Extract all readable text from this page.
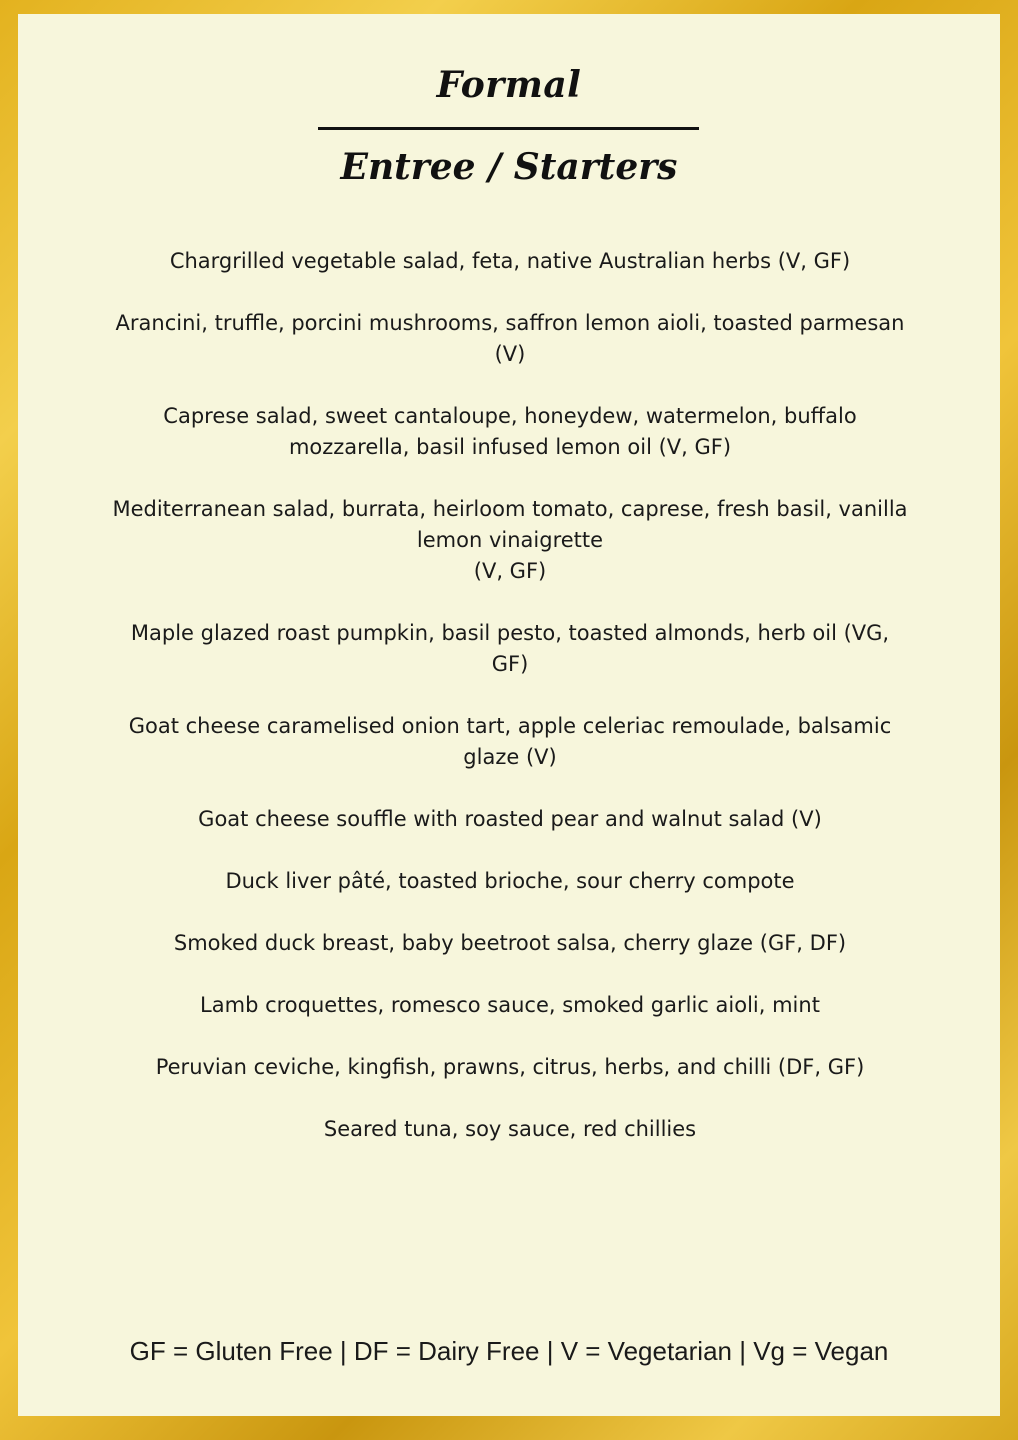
Formal
Entree / Starters
Chargrilled vegetable salad, feta, native Australian herbs (V, GF)
Arancini, truffle, porcini mushrooms, saffron lemon aioli, toasted parmesan
(V)
Caprese salad, sweet cantaloupe, honeydew, watermelon, buffalo
mozzarella, basil infused lemon oil (V, GF)
Mediterranean salad, burrata, heirloom tomato, caprese, fresh basil, vanilla
lemon vinaigrette
(V, GF)
Maple glazed roast pumpkin, basil pesto, toasted almonds, herb oil (VG,
GF)
Goat cheese caramelised onion tart, apple celeriac remoulade, balsamic
glaze (V)
Goat cheese souffle with roasted pear and walnut salad (V)
Duck liver pâté, toasted brioche, sour cherry compote
Smoked duck breast, baby beetroot salsa, cherry glaze (GF, DF)
Lamb croquettes, romesco sauce, smoked garlic aioli, mint
Peruvian ceviche, kingfish, prawns, citrus, herbs, and chilli (DF, GF)
Seared tuna, soy sauce, red chillies
GF = Gluten Free | DF = Dairy Free | V = Vegetarian | Vg = Vegan
